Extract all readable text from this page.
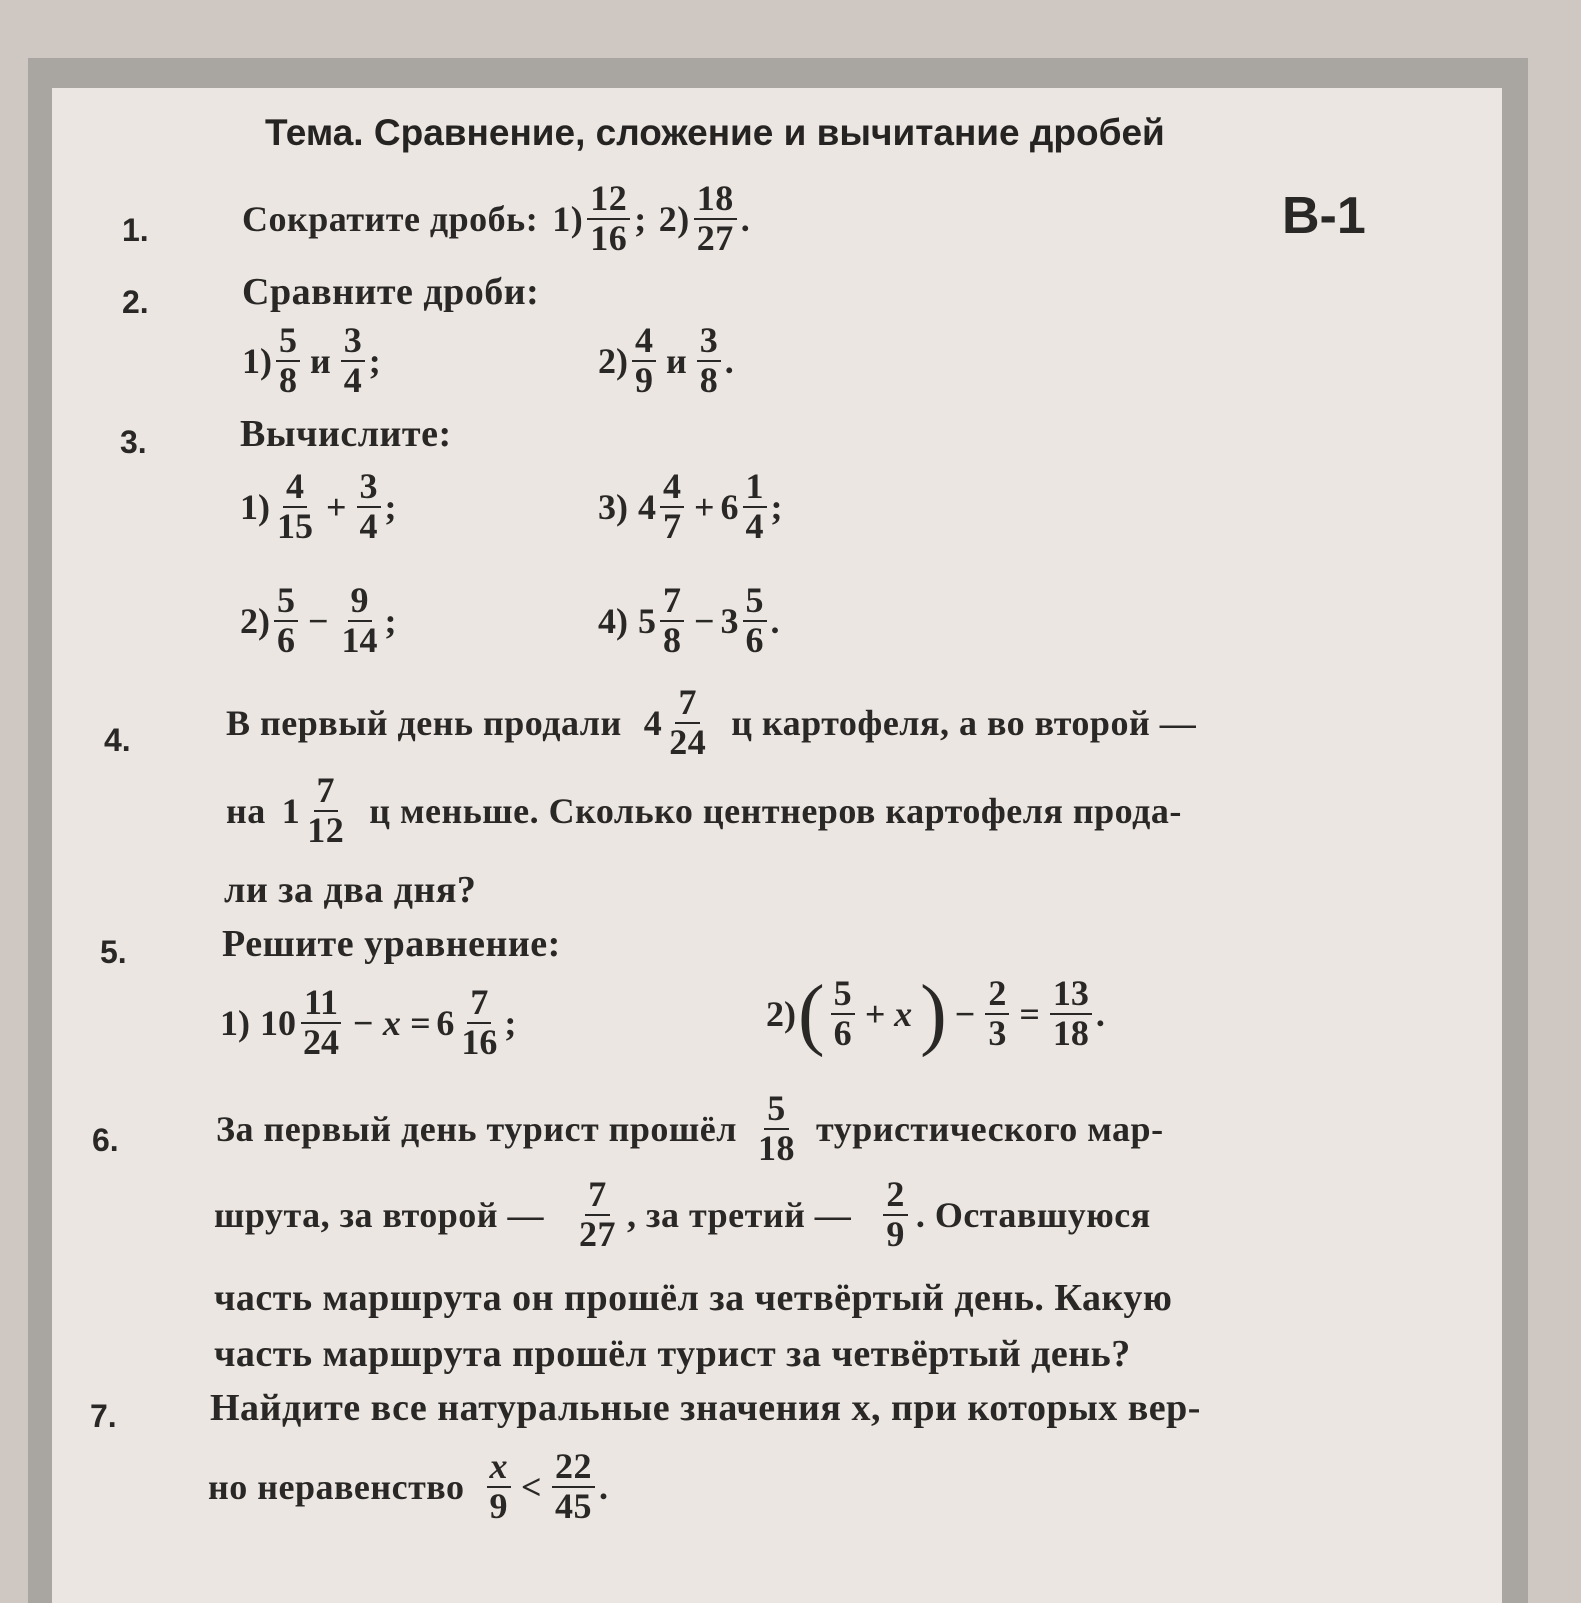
Тема. Сравнение, сложение и вычитание дробей
В-1
1.	Сократите дробь: $1) \frac{12}{16}$ ; $2) \frac{18}{27}$ .
2. Сравните дроби:
$1) \frac{5}{8}$ и $\frac{3}{4}$ ;	$2) \frac{4}{9}$ и $\frac{3}{8}$ .
3. Вычислите:
$1) \frac{4}{15} + \frac{3}{4}$ ;	3) $4 \frac{4}{7} + 6 \frac{1}{4}$ ;
$2) \frac{5}{6} - \frac{9}{14}$ ;	4) $5 \frac{7}{8} - 3 \frac{5}{6}$ .
4.	В первый день продали $4 \frac{7}{24}$ ц картофеля, а во второй —
на $1 \frac{7}{12}$ ц меньше. Сколько центнеров картофеля прода-
ли за два дня?
5.	Решите уравнение:
1) $10 \frac{11}{24} - x = 6 \frac{7}{16}$ ;	2) ( $\frac{5}{6} + x$ ) − $\frac{2}{3} = \frac{13}{18}$ .
6.	За первый день турист прошёл $\frac{5}{18}$ туристического мар-
шрута, за второй — $\frac{7}{27}$ , за третий — $\frac{2}{9}$ . Оставшуюся
часть маршрута он прошёл за четвёртый день. Какую
часть маршрута прошёл турист за четвёртый день?
7. Найдите все натуральные значения x, при которых вер-
но неравенство $\frac{x}{9} < \frac{22}{45}$ .
